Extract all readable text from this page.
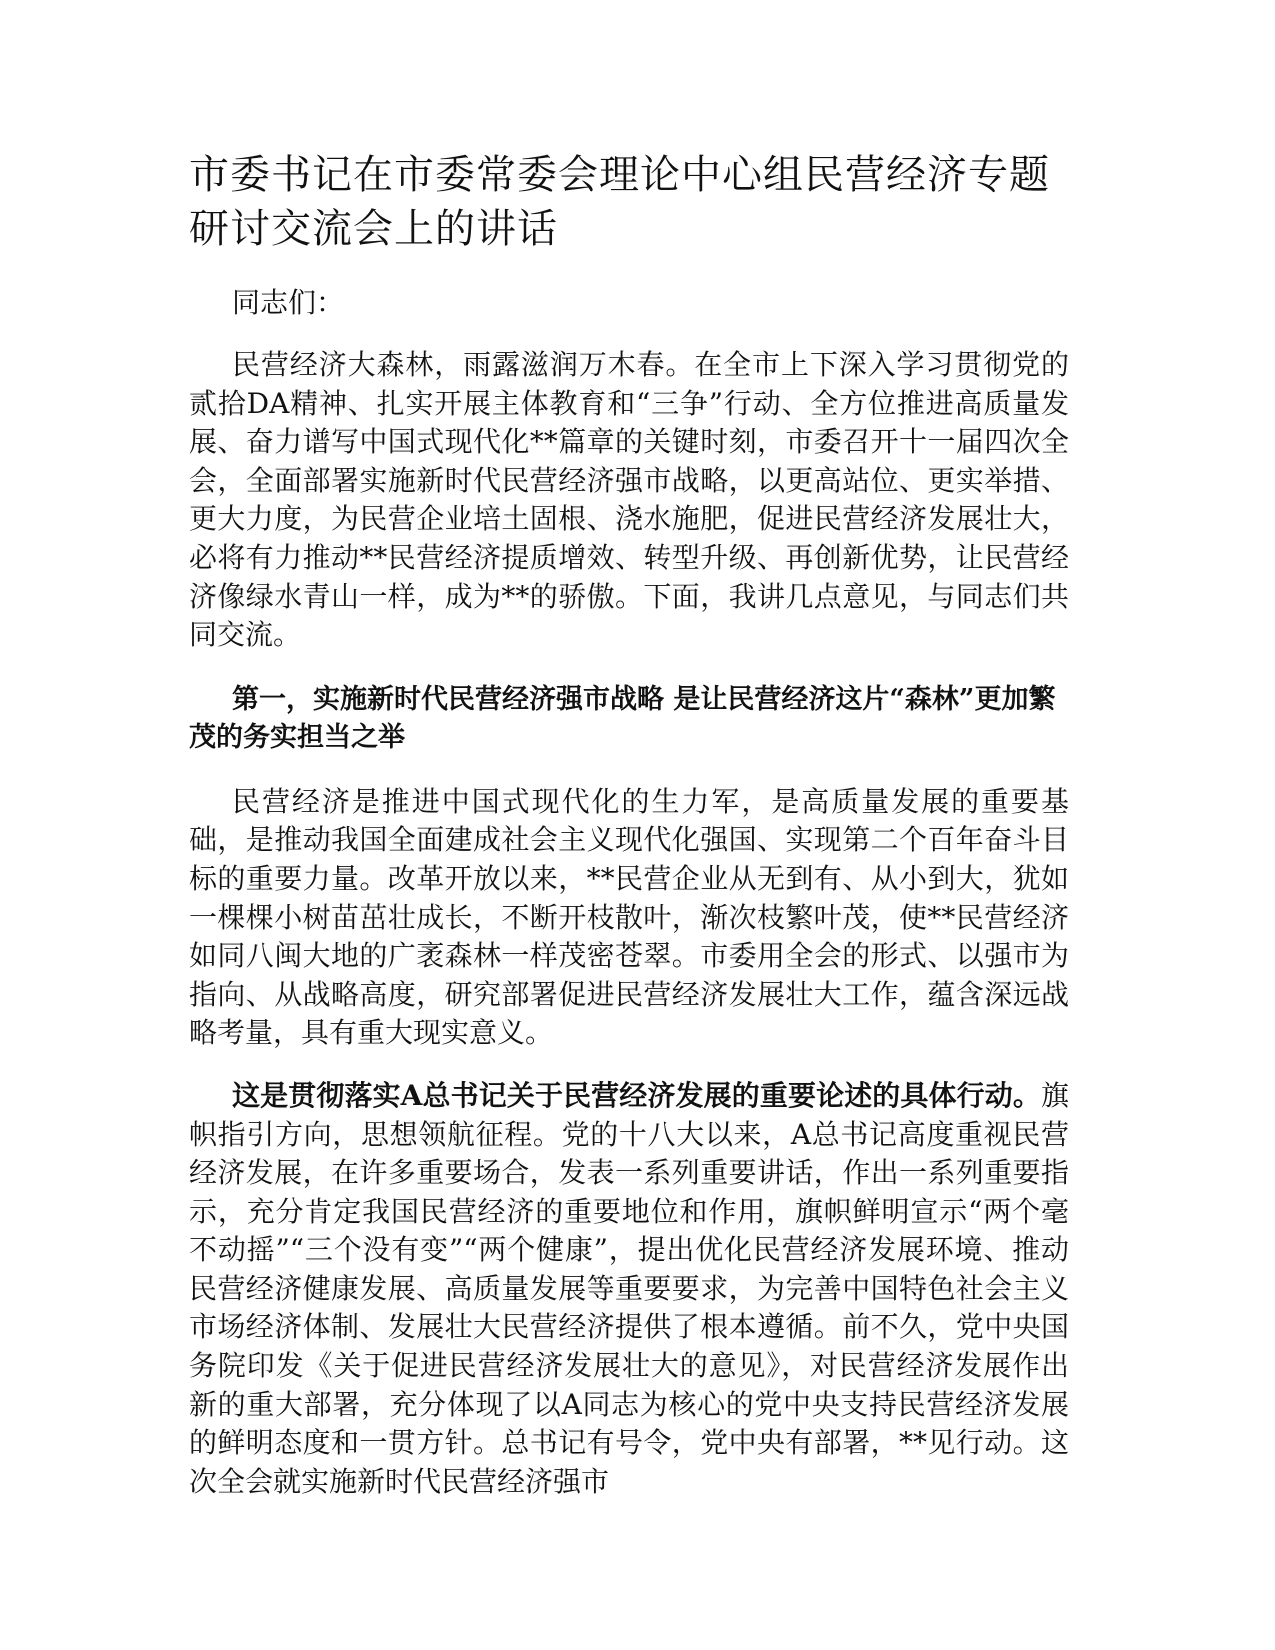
市委书记在市委常委会理论中心组民营经济专题研讨交流会上的讲话

同志们：

民营经济大森林，雨露滋润万木春。在全市上下深入学习贯彻党的贰拾DA精神、扎实开展主体教育和“三争”行动、全方位推进高质量发展、奋力谱写中国式现代化**篇章的关键时刻，市委召开十一届四次全会，全面部署实施新时代民营经济强市战略，以更高站位、更实举措、更大力度，为民营企业培土固根、浇水施肥，促进民营经济发展壮大，必将有力推动**民营经济提质增效、转型升级、再创新优势，让民营经济像绿水青山一样，成为**的骄傲。下面，我讲几点意见，与同志们共同交流。

第一，实施新时代民营经济强市战略 是让民营经济这片“森林”更加繁茂的务实担当之举

民营经济是推进中国式现代化的生力军，是高质量发展的重要基础，是推动我国全面建成社会主义现代化强国、实现第二个百年奋斗目标的重要力量。改革开放以来，**民营企业从无到有、从小到大，犹如一棵棵小树苗茁壮成长，不断开枝散叶，渐次枝繁叶茂，使**民营经济如同八闽大地的广袤森林一样茂密苍翠。市委用全会的形式、以强市为指向、从战略高度，研究部署促进民营经济发展壮大工作，蕴含深远战略考量，具有重大现实意义。

这是贯彻落实A总书记关于民营经济发展的重要论述的具体行动。旗帜指引方向，思想领航征程。党的十八大以来，A总书记高度重视民营经济发展，在许多重要场合，发表一系列重要讲话，作出一系列重要指示，充分肯定我国民营经济的重要地位和作用，旗帜鲜明宣示“两个毫不动摇”“三个没有变”“两个健康”，提出优化民营经济发展环境、推动民营经济健康发展、高质量发展等重要要求，为完善中国特色社会主义市场经济体制、发展壮大民营经济提供了根本遵循。前不久，党中央国务院印发《关于促进民营经济发展壮大的意见》，对民营经济发展作出新的重大部署，充分体现了以A同志为核心的党中央支持民营经济发展的鲜明态度和一贯方针。总书记有号令，党中央有部署，**见行动。这次全会就实施新时代民营经济强市
